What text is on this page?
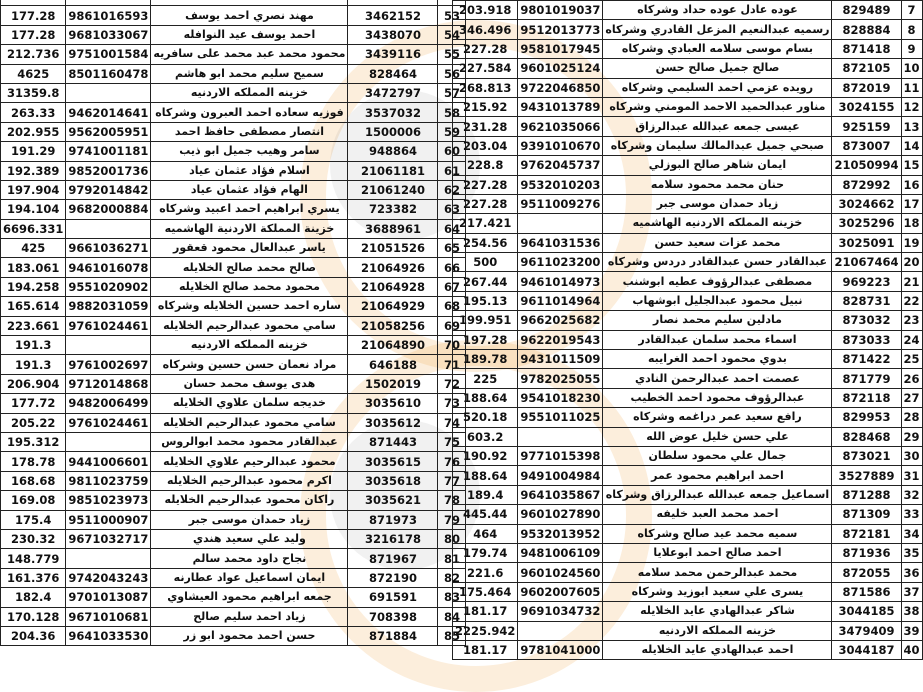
177.28	9861016593	مهند نصري احمد يوسف	3462152	53
177.28	9681033067	احمد يوسف عيد النوافله	3438070	54
212.736	9751001584	محمود محمد عبد محمد على سافريه	3439116	55
4625	8501160478	سميح سليم محمد ابو هاشم	828464	56
31359.8		خزينه المملكه الاردنيه	3472797	57
263.33	9462014641	فوزيه سعاده احمد العبرون وشركاه	3537032	58
202.955	9562005951	انتصار مصطفى حافظ احمد	1500006	59
191.29	9741001181	سامر وهيب جميل ابو ذيب	948864	60
192.389	9852001736	اسلام فؤاد عثمان عياد	21061181	61
197.904	9792014842	الهام فؤاد عثمان عياد	21061240	62
194.104	9682000884	يسري ابراهيم احمد اعبيد وشركاه	723382	63
6696.331		خزينة المملكة الاردنية الهاشميه	3688961	64
425	9661036271	ياسر عبدالعال محمود قعقور	21051526	65
183.061	9461016078	صالح محمد صالح الخلايله	21064926	66
194.258	9551020902	محمود محمد صالح الخلايله	21064928	67
165.614	9882031059	ساره احمد حسين الخلايله وشركاه	21064929	68
223.661	9761024461	سامي محمود عبدالرحيم الخلايله	21058256	69
191.3		خزينه المملكه الاردنيه	21064890	70
191.3	9761002697	مراد نعمان حسن حسين وشركاه	646188	71
206.904	9712014868	هدى يوسف محمد حسان	1502019	72
177.72	9482006499	خديجه سلمان علاوي الخلايله	3035610	73
205.22	9761024461	سامي محمود عبدالرحيم الخلايله	3035612	74
195.312		عبدالقادر محمود محمد ابوالروس	871443	75
178.78	9441006601	محمود عبدالرحيم علاوي الخلايله	3035615	76
168.68	9811023759	اكرم محمود عبدالرحيم الخلايله	3035618	77
169.08	9851023973	راكان محمود عبدالرحيم الخلايله	3035621	78
175.4	9511000907	زياد حمدان موسى جبر	871973	79
230.32	9671032717	وليد علي سعيد هندي	3216178	80
148.779		نجاح داود محمد سالم	871967	81
161.376	9742043243	ايمان اسماعيل عواد عطارنه	872190	82
182.4	9701013087	جمعه ابراهيم محمود العيشاوي	691591	83
170.128	9671010681	زياد احمد سليم صالح	708398	84
204.36	9641033530	حسن احمد محمود ابو زر	871884	85
203.918	9801019037	عوده عادل عوده حداد وشركاه	829489	7
346.496	9512013773	رسميه عبدالنعيم المزعل القادري وشركاه	828884	8
227.28	9581017945	بسام موسى سلامه العبادي وشركاه	871418	9
227.584	9601025124	صالح جميل صالح حسن	872105	10
268.813	9722046850	رويده عزمي احمد السليمي وشركاه	872019	11
215.92	9431013789	مناور عبدالحميد الاحمد المومني وشركاه	3024155	12
231.28	9621035066	عيسى جمعه عبدالله عبدالرزاق	925159	13
203.04	9391010670	صبحي جميل عبدالمالك سليمان وشركاه	873007	14
228.8	9762045737	ايمان شاهر صالح البوزلي	21050994	15
227.28	9532010203	حنان محمد محمود سلامه	872992	16
227.28	9511009276	زياد حمدان موسى جبر	3024662	17
217.421		خزينه المملكه الاردنيه الهاشميه	3025296	18
254.56	9641031536	محمد عزات سعيد حسن	3025091	19
500	9611023200	عبدالقادر حسن عبدالقادر دردس وشركاه	21067464	20
267.44	9461014973	مصطفى عبدالرؤوف عطيه ابوشنب	969223	21
195.13	9611014964	نبيل محمود عبدالجليل ابوشهاب	828731	22
199.951	9662025682	مادلين سليم محمد نصار	873032	23
197.28	9622019543	اسماء محمد سلمان عبدالقادر	873033	24
189.78	9431011509	بدوي محمود احمد الغرايبه	871422	25
225	9782025055	عصمت احمد عبدالرحمن النادي	871779	26
188.64	9541018230	عبدالرؤوف محمود احمد الخطيب	872118	27
520.18	9551011025	رافع سعيد عمر دراغمه وشركاه	829953	28
603.2		علي حسن خليل عوض الله	828468	29
190.92	9771015398	جمال علي محمود سلطان	873021	30
188.64	9491004984	احمد ابراهيم محمود عمر	3527889	31
189.4	9641035867	اسماعيل جمعه عبدالله عبدالرزاق وشركاه	871288	32
445.44	9601027890	احمد محمد العبد خليفه	871309	33
464	9532013952	سميه محمد عيد صالح وشركاه	872181	34
179.74	9481006109	احمد صالح احمد ابوعلايا	871936	35
221.6	9601024560	محمد عبدالرحمن محمد سلامه	872055	36
175.464	9602007605	يسرى علي سعيد ابوزيد وشركاه	871586	37
181.17	9691034732	شاكر عبدالهادي عايد الخلايله	3044185	38
2225.942		خزينه المملكه الاردنيه	3479409	39
181.17	9781041000	احمد عبدالهادي عايد الخلايله	3044187	40
